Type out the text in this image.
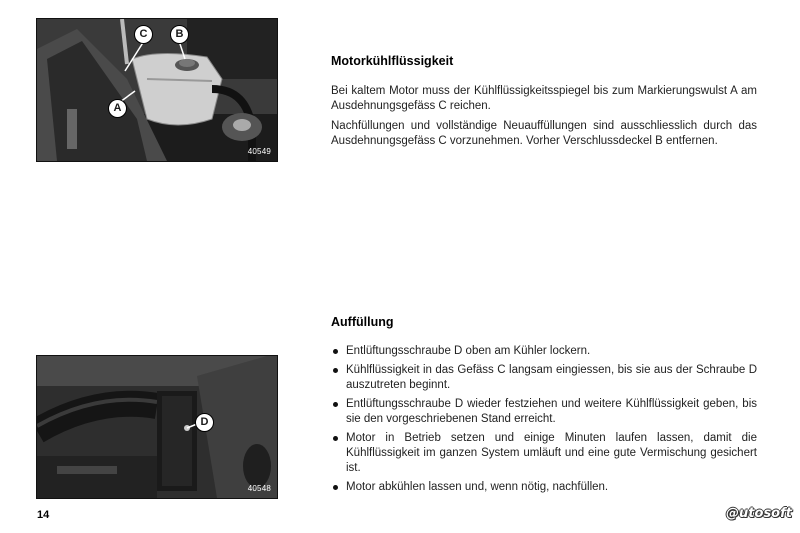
C	B
A
40549
D
40548
Motorkühlflüssigkeit

Bei kaltem Motor muss der Kühlflüssigkeitsspiegel bis zum Markierungswulst A am Ausdehnungsgefäss C reichen.

Nachfüllungen und vollständige Neuauffüllungen sind ausschliesslich durch das Ausdehnungsgefäss C vorzunehmen. Vorher Verschlussdeckel B entfernen.

Auffüllung
Entlüftungsschraube D oben am Kühler lockern.
Kühlflüssigkeit in das Gefäss C langsam eingiessen, bis sie aus der Schraube D auszutreten beginnt.
Entlüftungsschraube D wieder festziehen und weitere Kühlflüssigkeit geben, bis sie den vorgeschriebenen Stand erreicht.
Motor in Betrieb setzen und einige Minuten laufen lassen, damit die Kühlflüssigkeit im ganzen System umläuft und eine gute Vermischung gesichert ist.
Motor abkühlen lassen und, wenn nötig, nachfüllen.
14	@utosoft
